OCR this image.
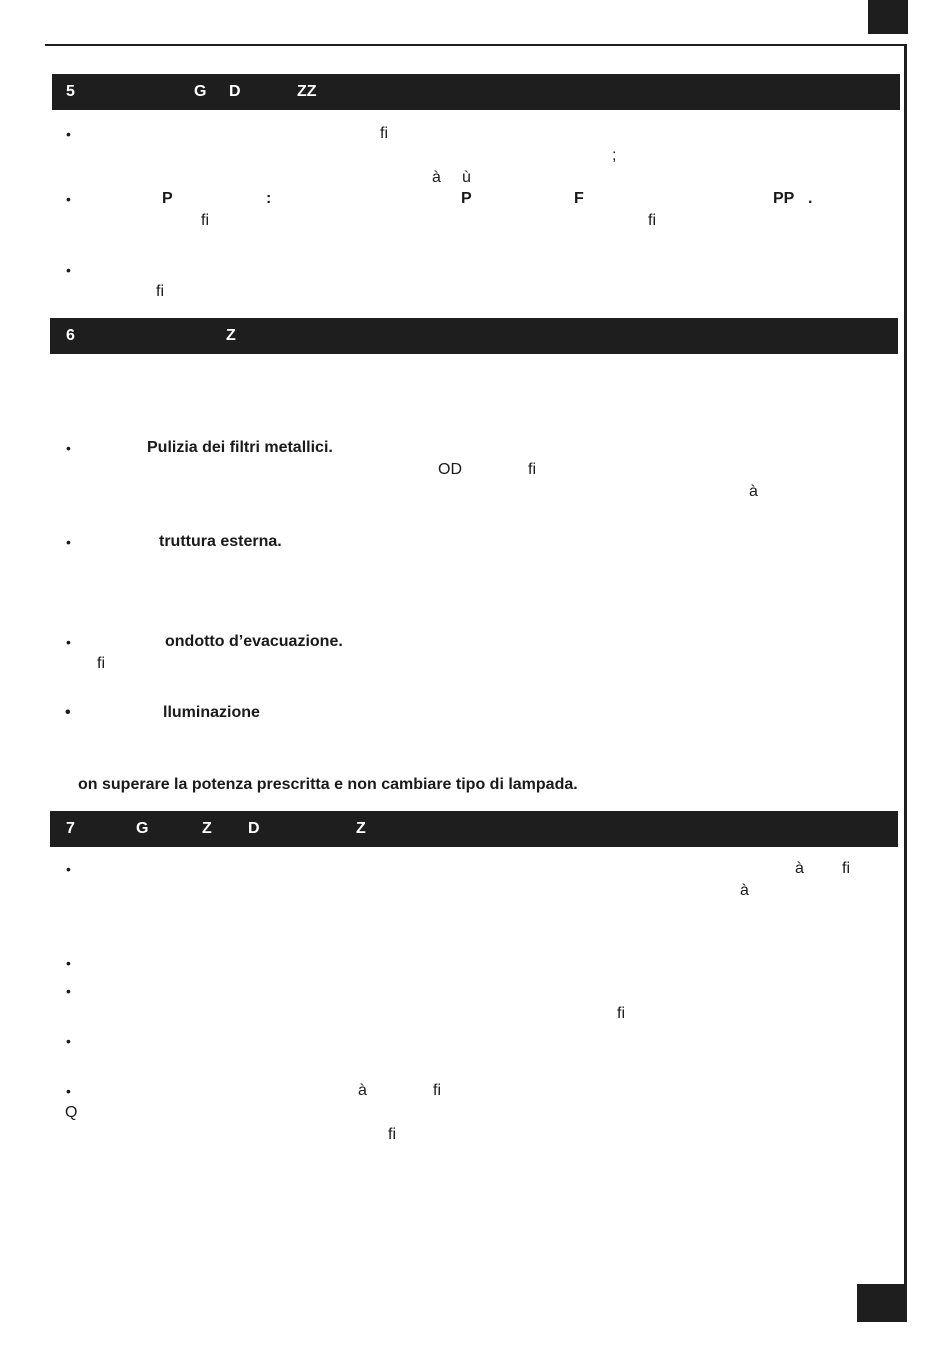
5	G D	ZZ
•	fi
;
à ù
•	P	:	P	F	PP .
fi	fi
•
fi
6	Z
•	Pulizia dei filtri metallici.
OD	fi
à
•	truttura esterna.
•	ondotto d’evacuazione.
fi
•	lluminazione
on superare la potenza prescritta e non cambiare tipo di lampada.
7	G	Z D	Z
•	à fi
à
•
•
fi
•
•	à	fi
Q
fi
